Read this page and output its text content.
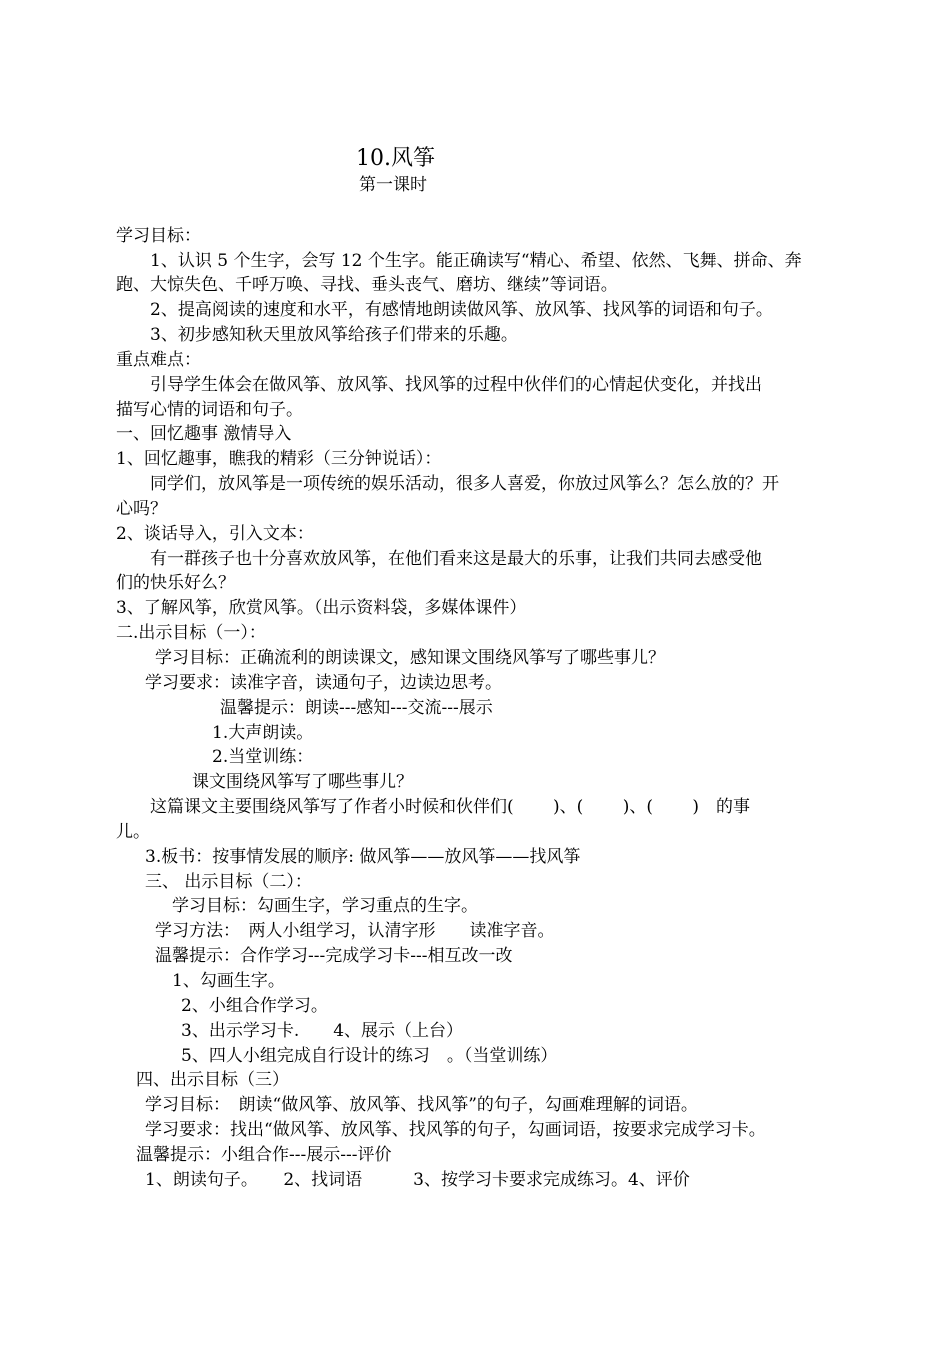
10.风筝
第一课时
学习目标：
1、认识 5 个生字，会写 12 个生字。能正确读写“精心、希望、依然、飞舞、拼命、奔
跑、大惊失色、千呼万唤、寻找、垂头丧气、磨坊、继续”等词语。
2、提高阅读的速度和水平，有感情地朗读做风筝、放风筝、找风筝的词语和句子。
3、初步感知秋天里放风筝给孩子们带来的乐趣。
重点难点：
引导学生体会在做风筝、放风筝、找风筝的过程中伙伴们的心情起伏变化，并找出
描写心情的词语和句子。
一、回忆趣事 激情导入
1、回忆趣事，瞧我的精彩（三分钟说话）：
同学们，放风筝是一项传统的娱乐活动，很多人喜爱，你放过风筝么？怎么放的？开
心吗？
2、谈话导入，引入文本：
有一群孩子也十分喜欢放风筝，在他们看来这是最大的乐事，让我们共同去感受他
们的快乐好么？
3、了解风筝，欣赏风筝。（出示资料袋，多媒体课件）
二.出示目标（一）：
学习目标：正确流利的朗读课文，感知课文围绕风筝写了哪些事儿？
学习要求：读准字音，读通句子，边读边思考。
温馨提示：朗读---感知---交流---展示
1.大声朗读。
2.当堂训练：
课文围绕风筝写了哪些事儿？
这篇课文主要围绕风筝写了作者小时候和伙伴们(　　 )、(　　 )、(　　 )　的事
儿。
3.板书：按事情发展的顺序: 做风筝——放风筝——找风筝
三、 出示目标（二）：
学习目标：勾画生字，学习重点的生字。
学习方法：　两人小组学习，认清字形　　读准字音。
温馨提示：合作学习---完成学习卡---相互改一改
1、勾画生字。
2、小组合作学习。
3、出示学习卡.　　4、展示（上台）
5、四人小组完成自行设计的练习　。（当堂训练）
四、出示目标（三）
学习目标：　朗读“做风筝、放风筝、找风筝”的句子，勾画难理解的词语。
学习要求：找出“做风筝、放风筝、找风筝的句子，勾画词语，按要求完成学习卡。
温馨提示：小组合作---展示---评价
1、朗读句子。　　2、找词语　　　3、按学习卡要求完成练习。4、评价
